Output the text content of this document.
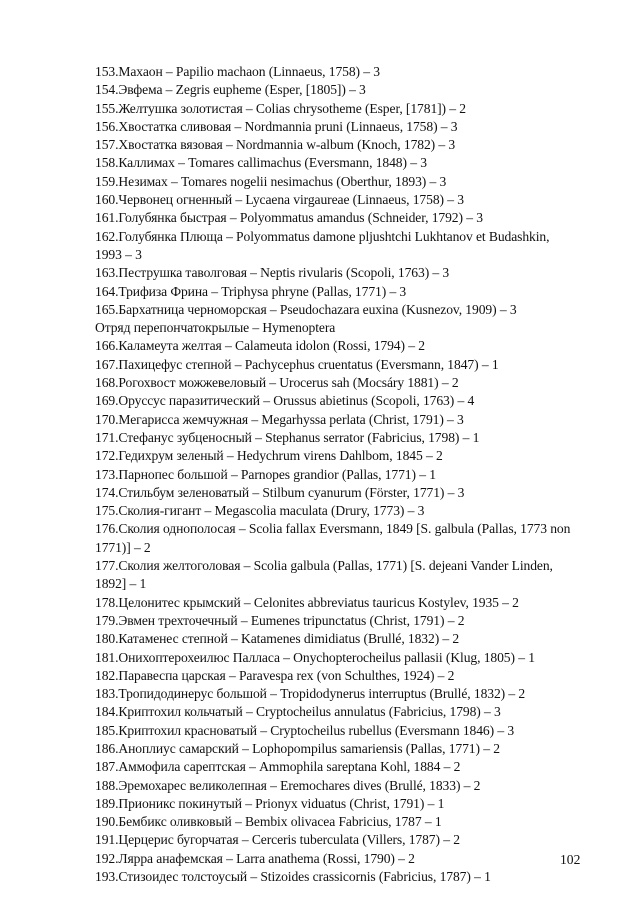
153.Махаон – Papilio machaon (Linnaeus, 1758) – 3
154.Эвфема – Zegris eupheme (Esper, [1805]) – 3
155.Желтушка золотистая – Colias chrysotheme (Esper, [1781]) – 2
156.Хвостатка сливовая – Nordmannia pruni (Linnaeus, 1758) – 3
157.Хвостатка вязовая – Nordmannia w-album (Knoch, 1782) – 3
158.Каллимах – Tomares callimachus (Eversmann, 1848) – 3
159.Незимах – Tomares nogelii nesimachus (Oberthur, 1893) – 3
160.Червонец огненный – Lycaena virgaureae (Linnaeus, 1758) – 3
161.Голубянка быстрая – Polyommatus amandus (Schneider, 1792) – 3
162.Голубянка Плюща – Polyommatus damone pljushtchi Lukhtanov et Budashkin, 1993 – 3
163.Пеструшка таволговая – Neptis rivularis (Scopoli, 1763) – 3
164.Трифиза Фрина – Triphysa phryne (Pallas, 1771) – 3
165.Бархатница черноморская – Pseudochazara euxina (Kusnezov, 1909) – 3
Отряд перепончатокрылые – Hymenoptera
166.Каламеута желтая – Calameuta idolon (Rossi, 1794) – 2
167.Пахицефус степной – Pachycephus cruentatus (Eversmann, 1847) – 1
168.Рогохвост можжевеловый – Urocerus sah (Mocsáry 1881) – 2
169.Оруссус паразитический – Orussus abietinus (Scopoli, 1763) – 4
170.Мегарисса жемчужная – Megarhyssa perlata (Christ, 1791) – 3
171.Стефанус зубценосный – Stephanus serrator (Fabricius, 1798) – 1
172.Гедихрум зеленый – Hedychrum virens Dahlbom, 1845 – 2
173.Парнопес большой – Parnopes grandior (Pallas, 1771) – 1
174.Стильбум зеленоватый – Stilbum cyanurum (Förster, 1771) – 3
175.Сколия-гигант – Megascolia maculata (Drury, 1773) – 3
176.Сколия однополосая – Scolia fallax Eversmann, 1849 [S. galbula (Pallas, 1773 non 1771)] – 2
177.Сколия желтоголовая – Scolia galbula (Pallas, 1771) [S. dejeani Vander Linden, 1892] – 1
178.Целонитес крымский – Celonites abbreviatus tauricus Kostylev, 1935 – 2
179.Эвмен трехточечный – Eumenes tripunctatus (Christ, 1791) – 2
180.Катаменес степной – Katamenes dimidiatus (Brullé, 1832) – 2
181.Онихоптерохеилюс Палласа – Onychopterocheilus pallasii (Klug, 1805) – 1
182.Паравеспа царская – Paravespa rex (von Schulthes, 1924) – 2
183.Тропидодинерус большой – Tropidodynerus interruptus (Brullé, 1832) – 2
184.Криптохил кольчатый – Cryptocheilus annulatus (Fabricius, 1798) – 3
185.Криптохил красноватый – Cryptocheilus rubellus (Eversmann 1846) – 3
186.Аноплиус самарский – Lophopompilus samariensis (Pallas, 1771) – 2
187.Аммофила сарептская – Ammophila sareptana Kohl, 1884 – 2
188.Эремохарес великолепная – Eremochares dives (Brullé, 1833) – 2
189.Прионикс покинутый – Prionyx viduatus (Christ, 1791) – 1
190.Бембикс оливковый – Bembix olivacea Fabricius, 1787 – 1
191.Церцерис бугорчатая – Cerceris tuberculata (Villers, 1787) – 2
192.Лярра анафемская – Larra anathema (Rossi, 1790) – 2
193.Стизоидес толстоусый – Stizoides crassicornis (Fabricius, 1787) – 1
102
